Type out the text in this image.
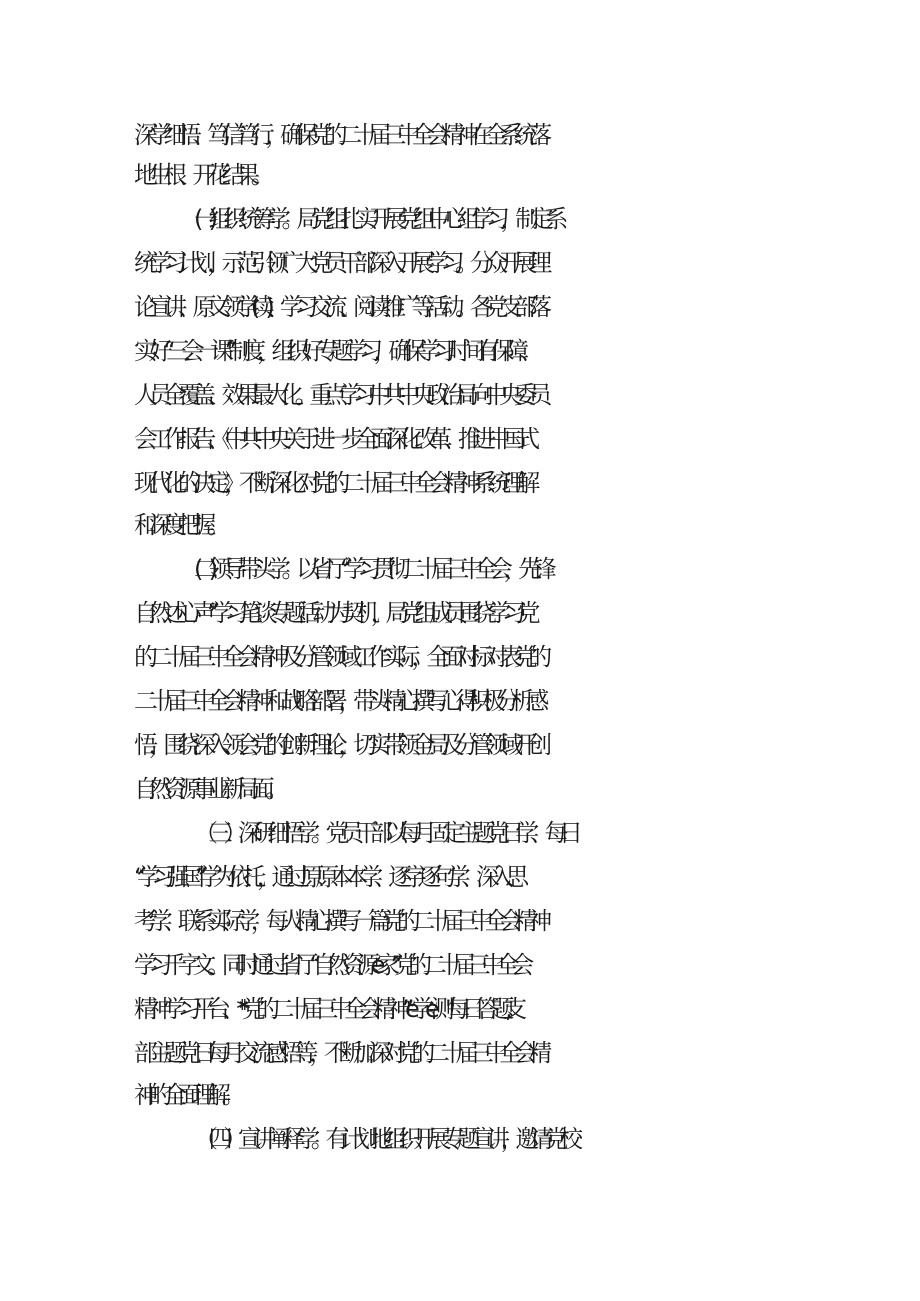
深学细悟、笃信笃行，确保党的二十届三中全会精神在全系统落
地生根、开花结果。
(一)组织统筹学。局党组扎实开展党组中心组学习，制定系
统学习计划，示范引领广大党员干部深入开展学习。分众开展理
论宣讲、原文领学(读)、学习交流、阅读推广等活动。各党支部落
实好“三会一课”制度，组织好专题学习，确保学习时间有保障、
人员全覆盖、效果最大化。重点学习中共中央政治局向中央委员
会工作报告、《中共中央关于进一步全面深化改革、推进中国式
现代化的决定》，不断深化对党的二十届三中全会精神系统理解
和深度把握。
(二)领导带头学。以省厅“学习贯彻二十届三中全会，先锋
自然述心声”学习笔谈专题活动为契机，局党组成员围绕学习党
的二十届三中全会精神及分管领域工作实际，全面对标对表党的
二十届三中全会精神和战略部署，带头精心撰写心得'积极分析感
悟，围绕深入领会党的创新理论，切实带领全局及分管领域开创
自然资源事业新局面。
（三）深研细悟学。党员干部以每月固定主题党日学、每日
“学习强国”学为依托，通过原原本本学、逐字逐句学、深入思
考学、联系实际学，每人精心撰写一篇党的二十届三中全会精神
学习千字文。同时通过省厅“自然资源e家”党的二十届三中全会
精神学习平台、**党的二十届三中全会精神”e学e测"每日答题,支
部主题党日每月交流感悟等，不断加深对党的二十届三中全会精
神的全面理解。
（四）宣讲阐释学。有计划地组织开展专题宣讲，邀请党校
